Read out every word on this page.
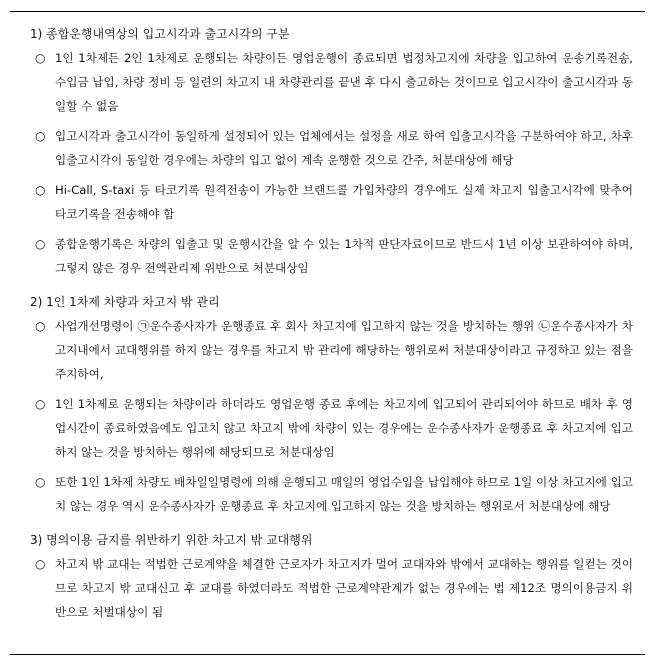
1) 종합운행내역상의 입고시각과 출고시각의 구분
○ 1인 1차제든 2인 1차제로 운행되는 차량이든 영업운행이 종료되면 법정차고지에 차량을 입고하여 운송기록전송, 수입금 납입, 차량 정비 등 일련의 차고지 내 차량관리를 끝낸 후 다시 출고하는 것이므로 입고시각이 출고시각과 동일할 수 없음
○ 입고시각과 출고시각이 동일하게 설정되어 있는 업체에서는 설정을 새로 하여 입출고시각을 구분하여야 하고, 차후 입출고시각이 동일한 경우에는 차량의 입고 없이 계속 운행한 것으로 간주, 처분대상에 해당
○ Hi-Call, S-taxi 등 타코기록 원격전송이 가능한 브랜드콜 가입차량의 경우에도 실제 차고지 입출고시각에 맞추어 타코기록을 전송해야 함
○ 종합운행기록은 차량의 입출고 및 운행시간을 알 수 있는 1차적 판단자료이므로 반드시 1년 이상 보관하여야 하며, 그렇지 않은 경우 전액관리제 위반으로 처분대상임
2) 1인 1차제 차량과 차고지 밖 관리
○ 사업개선명령이 ㉠운수종사자가 운행종료 후 회사 차고지에 입고하지 않는 것을 방치하는 행위 ㉡운수종사자가 차고지내에서 교대행위를 하지 않는 경우를 차고지 밖 관리에 해당하는 행위로써 처분대상이라고 규정하고 있는 점을 주지하여,
○ 1인 1차제로 운행되는 차량이라 하더라도 영업운행 종료 후에는 차고지에 입고되어 관리되어야 하므로 배차 후 영업시간이 종료하였음에도 입고치 않고 차고지 밖에 차량이 있는 경우에는 운수종사자가 운행종료 후 차고지에 입고하지 않는 것을 방치하는 행위에 해당되므로 처분대상임
○ 또한 1인 1차제 차량도 배차일일명령에 의해 운행되고 매일의 영업수입을 납입해야 하므로 1일 이상 차고지에 입고치 않는 경우 역시 운수종사자가 운행종료 후 차고지에 입고하지 않는 것을 방치하는 행위로서 처분대상에 해당
3) 명의이용 금지를 위반하기 위한 차고지 밖 교대행위
○ 차고지 밖 교대는 적법한 근로계약을 체결한 근로자가 차고지가 멀어 교대자와 밖에서 교대하는 행위를 일컫는 것이므로 차고지 밖 교대신고 후 교대를 하였더라도 적법한 근로계약관계가 없는 경우에는 법 제12조 명의이용금지 위반으로 처벌대상이 됨
